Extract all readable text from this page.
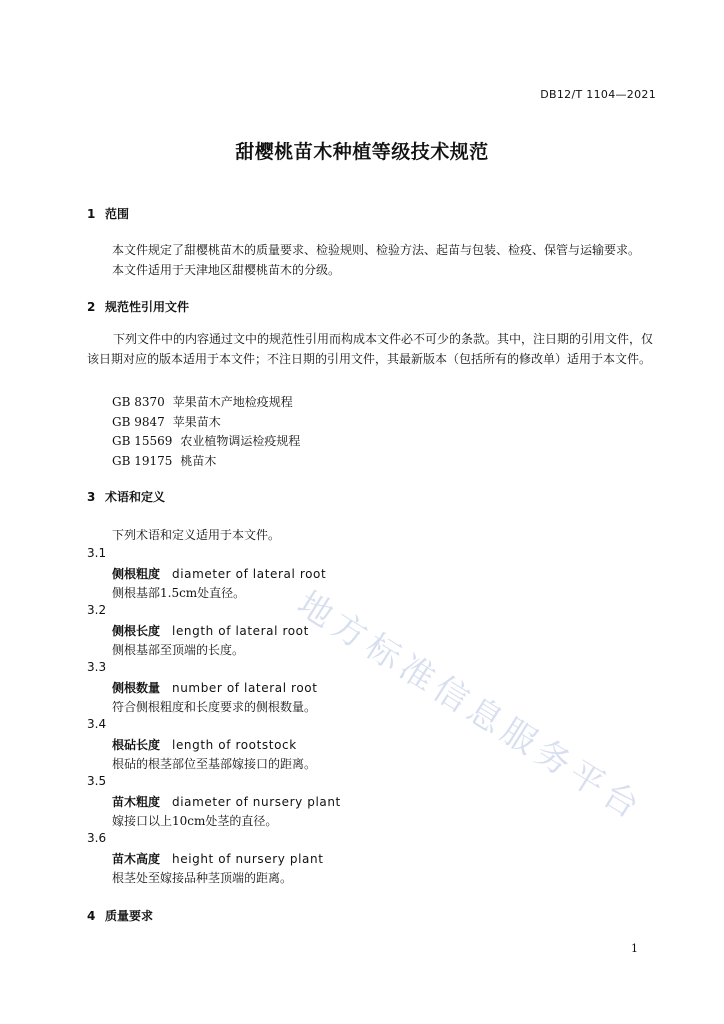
DB12/T 1104—2021
甜樱桃苗木种植等级技术规范
1 范围
本文件规定了甜樱桃苗木的质量要求、检验规则、检验方法、起苗与包装、检疫、保管与运输要求。
本文件适用于天津地区甜樱桃苗木的分级。
2 规范性引用文件
下列文件中的内容通过文中的规范性引用而构成本文件必不可少的条款。其中，注日期的引用文件，仅该日期对应的版本适用于本文件；不注日期的引用文件，其最新版本（包括所有的修改单）适用于本文件。
GB 8370 苹果苗木产地检疫规程
GB 9847 苹果苗木
GB 15569 农业植物调运检疫规程
GB 19175 桃苗木
3 术语和定义
下列术语和定义适用于本文件。
3.1
侧根粗度 diameter of lateral root
侧根基部1.5cm处直径。
3.2
侧根长度 length of lateral root
侧根基部至顶端的长度。
3.3
侧根数量 number of lateral root
符合侧根粗度和长度要求的侧根数量。
3.4
根砧长度 length of rootstock
根砧的根茎部位至基部嫁接口的距离。
3.5
苗木粗度 diameter of nursery plant
嫁接口以上10cm处茎的直径。
3.6
苗木高度 height of nursery plant
根茎处至嫁接品种茎顶端的距离。
4 质量要求
地方标准信息服务平台
1
